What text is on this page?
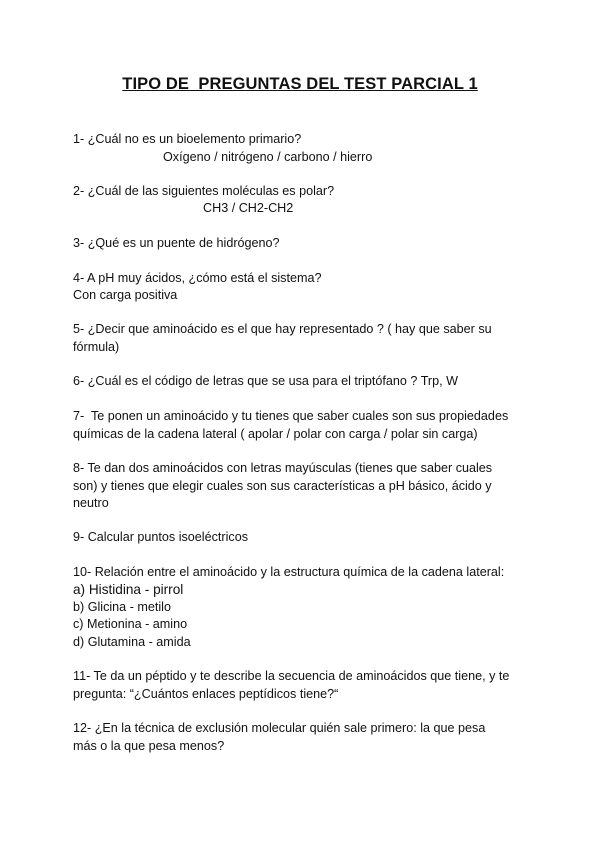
TIPO DE  PREGUNTAS DEL TEST PARCIAL 1
1- ¿Cuál no es un bioelemento primario?
Oxígeno / nitrógeno / carbono / hierro
2- ¿Cuál de las siguientes moléculas es polar?
CH3 / CH2-CH2
3- ¿Qué es un puente de hidrógeno?
4- A pH muy ácidos, ¿cómo está el sistema?
Con carga positiva
5- ¿Decir que aminoácido es el que hay representado ? ( hay que saber su
fórmula)
6- ¿Cuál es el código de letras que se usa para el triptófano ? Trp, W
7-  Te ponen un aminoácido y tu tienes que saber cuales son sus propiedades
químicas de la cadena lateral ( apolar / polar con carga / polar sin carga)
8- Te dan dos aminoácidos con letras mayúsculas (tienes que saber cuales
son) y tienes que elegir cuales son sus características a pH básico, ácido y
neutro
9- Calcular puntos isoeléctricos
10- Relación entre el aminoácido y la estructura química de la cadena lateral:
a) Histidina - pirrol
b) Glicina - metilo
c) Metionina - amino
d) Glutamina - amida
11- Te da un péptido y te describe la secuencia de aminoácidos que tiene, y te
pregunta: “¿Cuántos enlaces peptídicos tiene?“
12- ¿En la técnica de exclusión molecular quién sale primero: la que pesa
más o la que pesa menos?
